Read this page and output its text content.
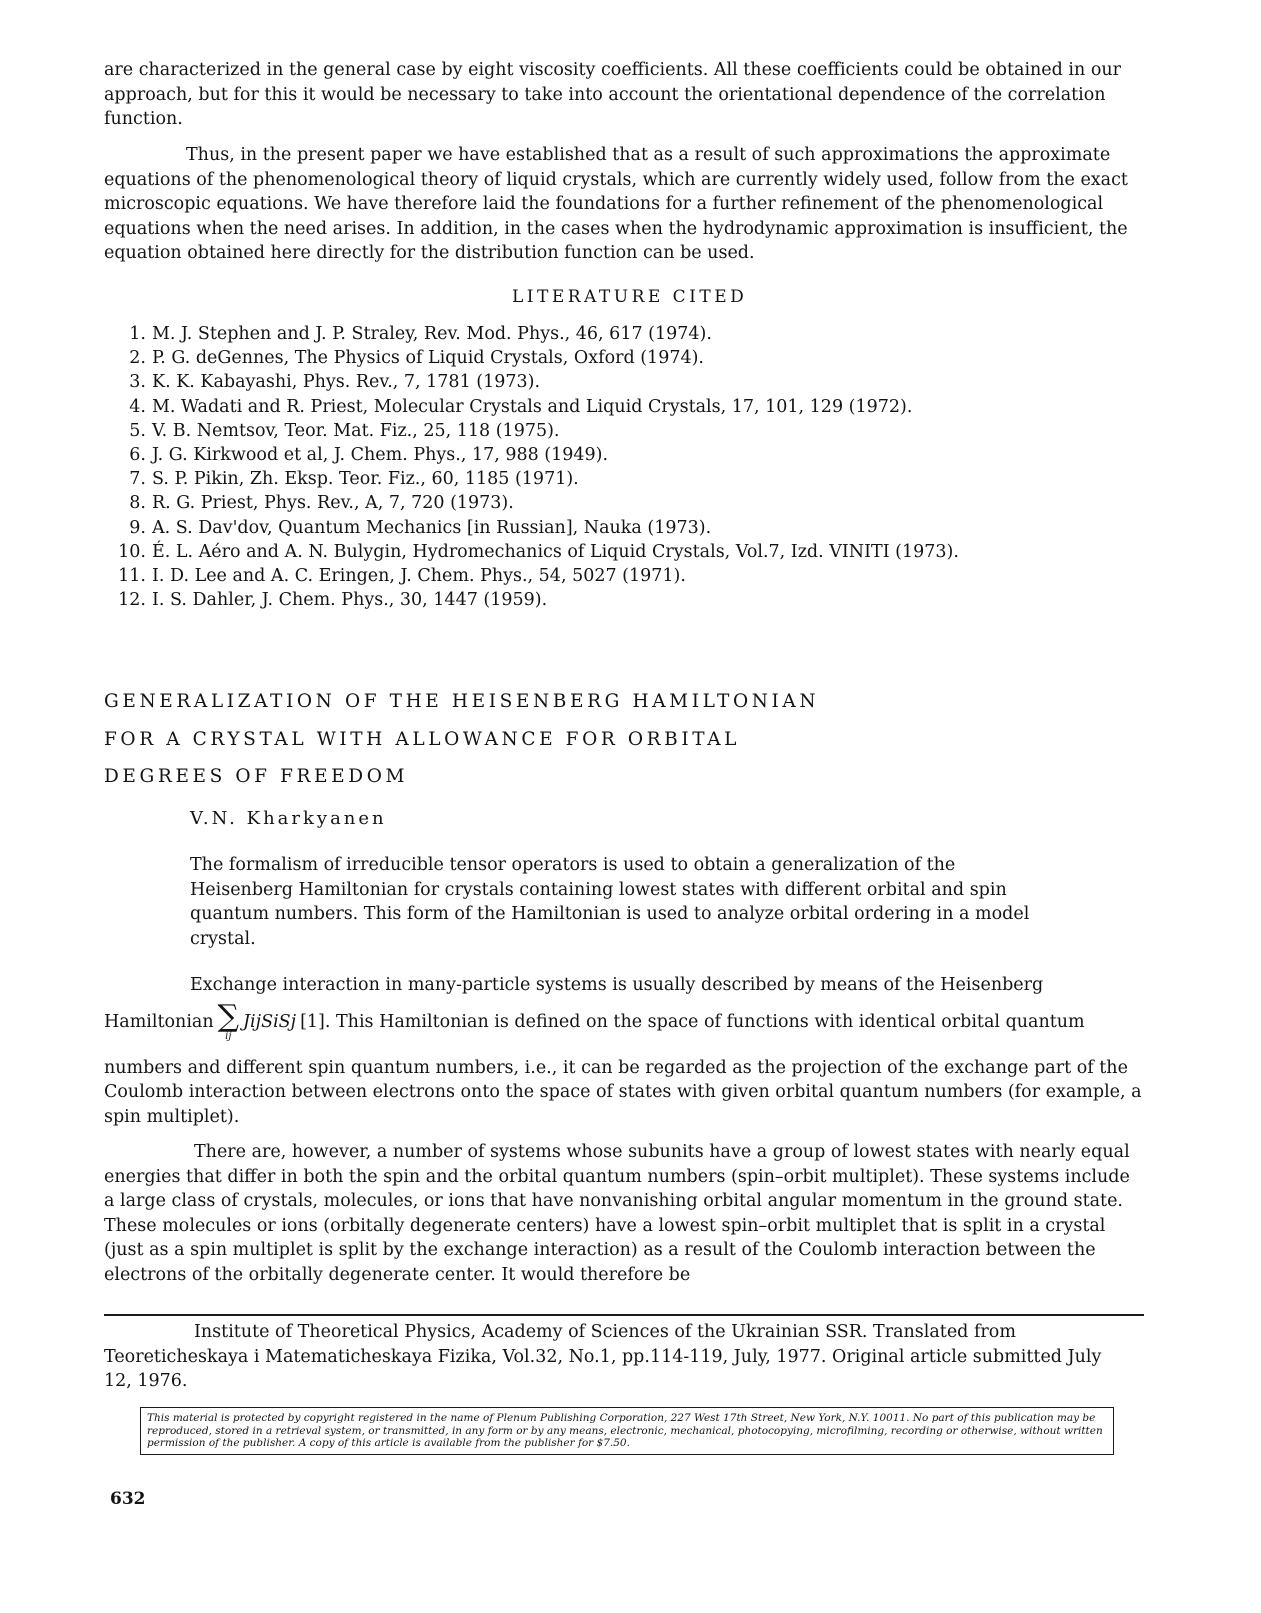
are characterized in the general case by eight viscosity coefficients. All these coefficients could be obtained in our approach, but for this it would be necessary to take into account the orientational dependence of the correlation function.

Thus, in the present paper we have established that as a result of such approximations the approximate equations of the phenomenological theory of liquid crystals, which are currently widely used, follow from the exact microscopic equations. We have therefore laid the foundations for a further refinement of the phenomenological equations when the need arises. In addition, in the cases when the hydrodynamic approximation is insufficient, the equation obtained here directly for the distribution function can be used.

LITERATURE CITED
1. M. J. Stephen and J. P. Straley, Rev. Mod. Phys., 46, 617 (1974).
2. P. G. deGennes, The Physics of Liquid Crystals, Oxford (1974).
3. K. K. Kabayashi, Phys. Rev., 7, 1781 (1973).
4. M. Wadati and R. Priest, Molecular Crystals and Liquid Crystals, 17, 101, 129 (1972).
5. V. B. Nemtsov, Teor. Mat. Fiz., 25, 118 (1975).
6. J. G. Kirkwood et al, J. Chem. Phys., 17, 988 (1949).
7. S. P. Pikin, Zh. Eksp. Teor. Fiz., 60, 1185 (1971).
8. R. G. Priest, Phys. Rev., A, 7, 720 (1973).
9. A. S. Dav'dov, Quantum Mechanics [in Russian], Nauka (1973).
10. É. L. Aéro and A. N. Bulygin, Hydromechanics of Liquid Crystals, Vol.7, Izd. VINITI (1973).
11. I. D. Lee and A. C. Eringen, J. Chem. Phys., 54, 5027 (1971).
12. I. S. Dahler, J. Chem. Phys., 30, 1447 (1959).
GENERALIZATION OF THE HEISENBERG HAMILTONIAN
FOR A CRYSTAL WITH ALLOWANCE FOR ORBITAL
DEGREES OF FREEDOM
V.N. Kharkyanen

The formalism of irreducible tensor operators is used to obtain a generalization of the Heisenberg Hamiltonian for crystals containing lowest states with different orbital and spin quantum numbers. This form of the Hamiltonian is used to analyze orbital ordering in a model crystal.

Exchange interaction in many-particle systems is usually described by means of the Heisenberg

Hamiltonian ∑
ij
JijSiSj [1]. This Hamiltonian is defined on the space of functions with identical orbital quantum

numbers and different spin quantum numbers, i.e., it can be regarded as the projection of the exchange part of the Coulomb interaction between electrons onto the space of states with given orbital quantum numbers (for example, a spin multiplet).

There are, however, a number of systems whose subunits have a group of lowest states with nearly equal energies that differ in both the spin and the orbital quantum numbers (spin–orbit multiplet). These systems include a large class of crystals, molecules, or ions that have nonvanishing orbital angular momentum in the ground state. These molecules or ions (orbitally degenerate centers) have a lowest spin–orbit multiplet that is split in a crystal (just as a spin multiplet is split by the exchange interaction) as a result of the Coulomb interaction between the electrons of the orbitally degenerate center. It would therefore be

Institute of Theoretical Physics, Academy of Sciences of the Ukrainian SSR. Translated from Teoreticheskaya i Matematicheskaya Fizika, Vol.32, No.1, pp.114-119, July, 1977. Original article submitted July 12, 1976.

This material is protected by copyright registered in the name of Plenum Publishing Corporation, 227 West 17th Street, New York, N.Y. 10011. No part of this publication may be reproduced, stored in a retrieval system, or transmitted, in any form or by any means, electronic, mechanical, photocopying, microfilming, recording or otherwise, without written permission of the publisher. A copy of this article is available from the publisher for $7.50.
632
